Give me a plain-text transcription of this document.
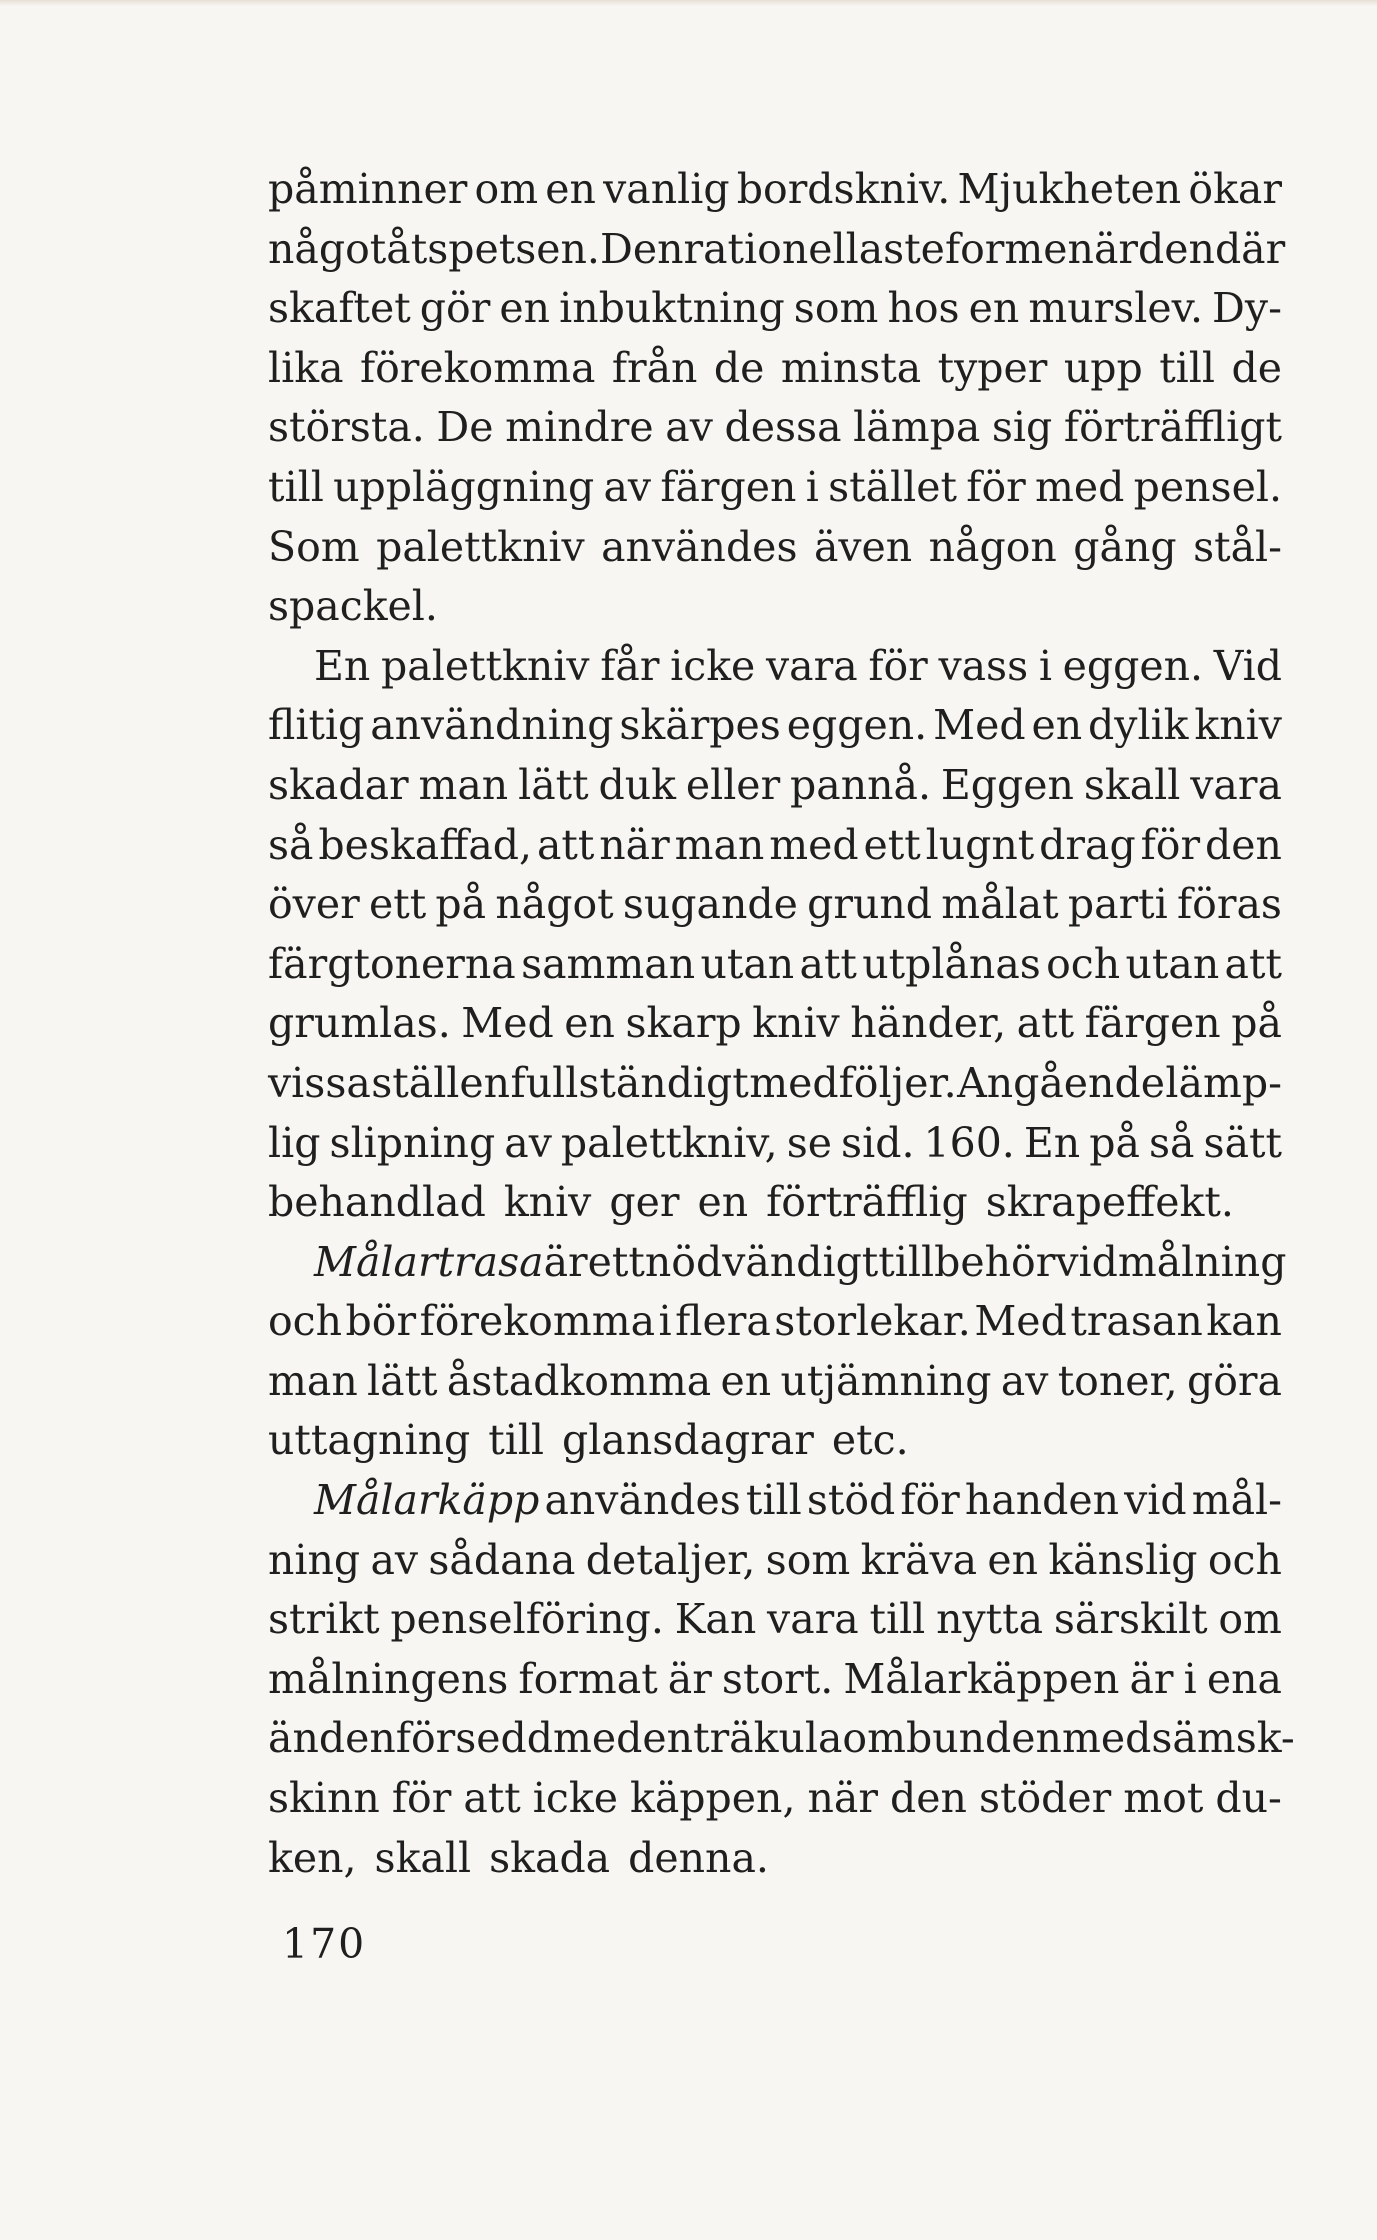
påminner om en vanlig bordskniv. Mjukheten ökar
något åt spetsen. Den rationellaste formen är den där
skaftet gör en inbuktning som hos en murslev. Dy-
lika förekomma från de minsta typer upp till de
största. De mindre av dessa lämpa sig förträffligt
till uppläggning av färgen i stället för med pensel.
Som palettkniv användes även någon gång stål-
spackel.
En palettkniv får icke vara för vass i eggen. Vid
flitig användning skärpes eggen. Med en dylik kniv
skadar man lätt duk eller pannå. Eggen skall vara
så beskaffad, att när man med ett lugnt drag för den
över ett på något sugande grund målat parti föras
färgtonerna samman utan att utplånas och utan att
grumlas. Med en skarp kniv händer, att färgen på
vissa ställen fullständigt medföljer. Angående lämp-
lig slipning av palettkniv, se sid. 160. En på så sätt
behandlad kniv ger en förträfflig skrapeffekt.
Målartrasa är ett nödvändigt tillbehör vid målning
och bör förekomma i flera storlekar. Med trasan kan
man lätt åstadkomma en utjämning av toner, göra
uttagning till glansdagrar etc.
Målarkäpp användes till stöd för handen vid mål-
ning av sådana detaljer, som kräva en känslig och
strikt penselföring. Kan vara till nytta särskilt om
målningens format är stort. Målarkäppen är i ena
änden försedd med en träkula ombunden med sämsk-
skinn för att icke käppen, när den stöder mot du-
ken, skall skada denna.
170
